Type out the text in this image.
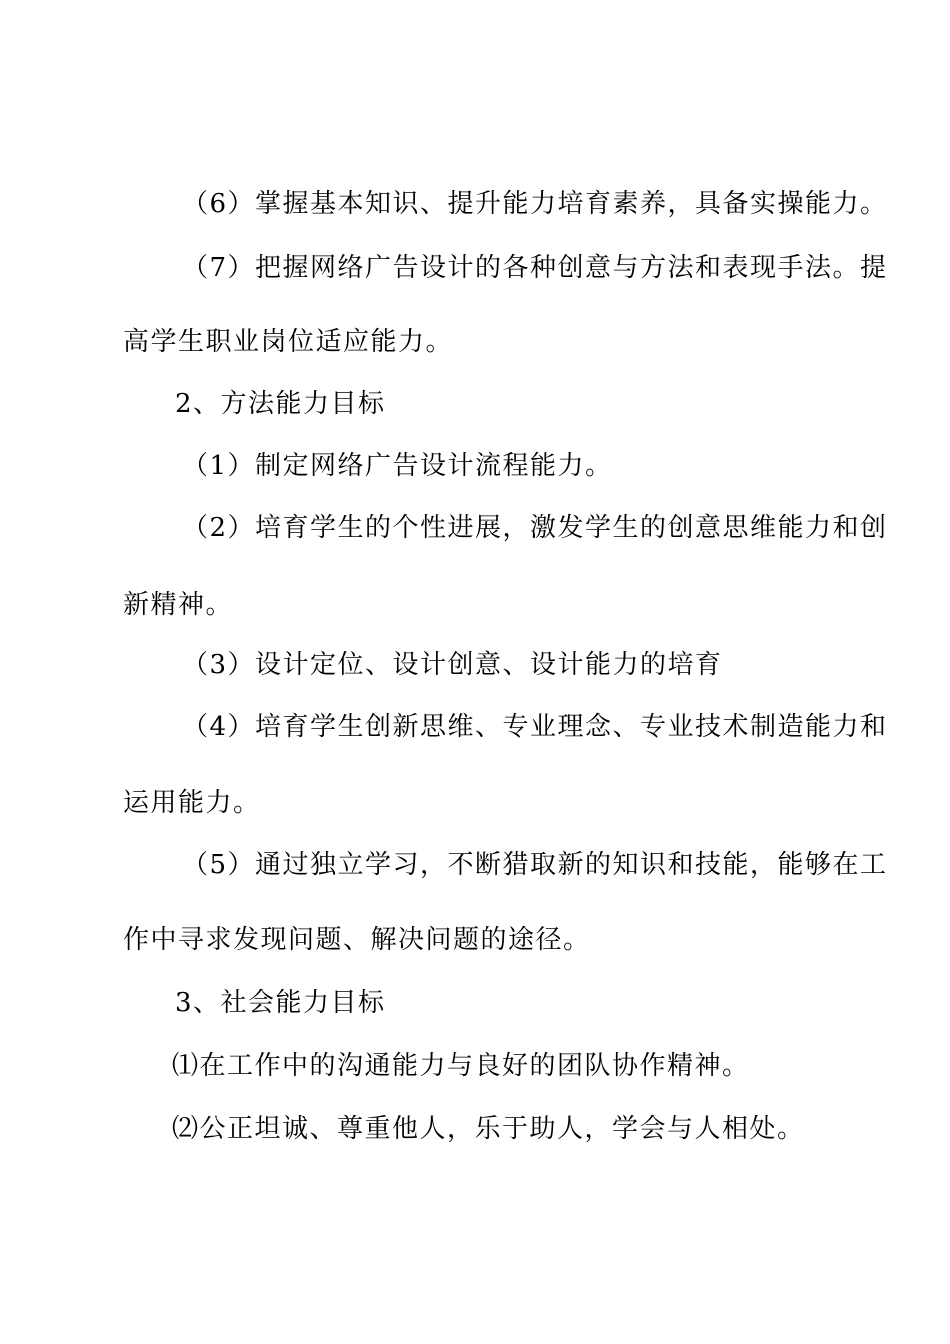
（6）掌握基本知识、提升能力培育素养，具备实操能力。
（7）把握网络广告设计的各种创意与方法和表现手法。提
高学生职业岗位适应能力。
2、方法能力目标
（1）制定网络广告设计流程能力。
（2）培育学生的个性进展，激发学生的创意思维能力和创
新精神。
（3）设计定位、设计创意、设计能力的培育
（4）培育学生创新思维、专业理念、专业技术制造能力和
运用能力。
（5）通过独立学习，不断猎取新的知识和技能，能够在工
作中寻求发现问题、解决问题的途径。
3、社会能力目标
⑴在工作中的沟通能力与良好的团队协作精神。
⑵公正坦诚、尊重他人，乐于助人，学会与人相处。
